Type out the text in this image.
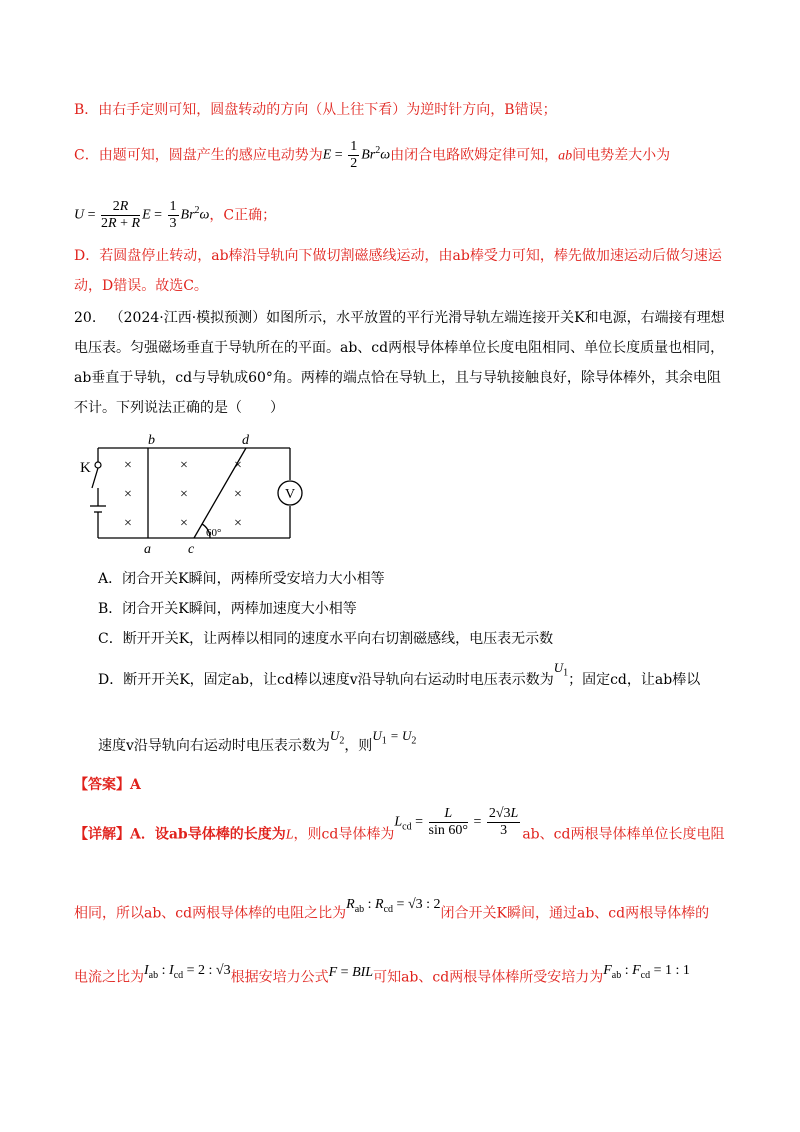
B．由右手定则可知，圆盘转动的方向（从上往下看）为逆时针方向，B错误；
C．由题可知，圆盘产生的感应电动势为$E = \frac{1}{2} Br^2\omega$由闭合电路欧姆定律可知，ab间电势差大小为
$U = \frac{2R}{2R + R}$ $E = \frac{1}{3} Br^2\omega$，C正确；
D．若圆盘停止转动，ab棒沿导轨向下做切割磁感线运动，由ab棒受力可知，棒先做加速运动后做匀速运
动，D错误。故选C。
20. （2024·江西·模拟预测）如图所示，水平放置的平行光滑导轨左端连接开关K和电源，右端接有理想
电压表。匀强磁场垂直于导轨所在的平面。ab、cd两根导体棒单位长度电阻相同、单位长度质量也相同，
ab垂直于导轨，cd与导轨成60°角。两棒的端点恰在导轨上，且与导轨接触良好，除导体棒外，其余电阻
不计。下列说法正确的是（　　）
V
K
b	d
a	c
60°
×
×
×
×
×
×
×
×
×
A．闭合开关K瞬间，两棒所受安培力大小相等
B．闭合开关K瞬间，两棒加速度大小相等
C．断开开关K，让两棒以相同的速度水平向右切割磁感线，电压表无示数
D．断开开关K，固定ab，让cd棒以速度v沿导轨向右运动时电压表示数为$U_1$；固定cd，让ab棒以
速度v沿导轨向右运动时电压表示数为$U_2$，则$U_1 = U_2$
【答案】A
【详解】A．设ab导体棒的长度为L，则cd导体棒为$L_{cd} = \frac{L}{\sin 60^\circ} = \frac{2√3L}{3}$ ab、cd两根导体棒单位长度电阻
相同，所以ab、cd两根导体棒的电阻之比为$R_{ab}$ : $R_{cd} = √3$ : 2闭合开关K瞬间，通过ab、cd两根导体棒的
电流之比为$I_{ab}$ : $I_{cd} = 2$ : √3根据安培力公式F = BIL可知ab、cd两根导体棒所受安培力为$F_{ab}$ : $F_{cd} = 1$ : 1
